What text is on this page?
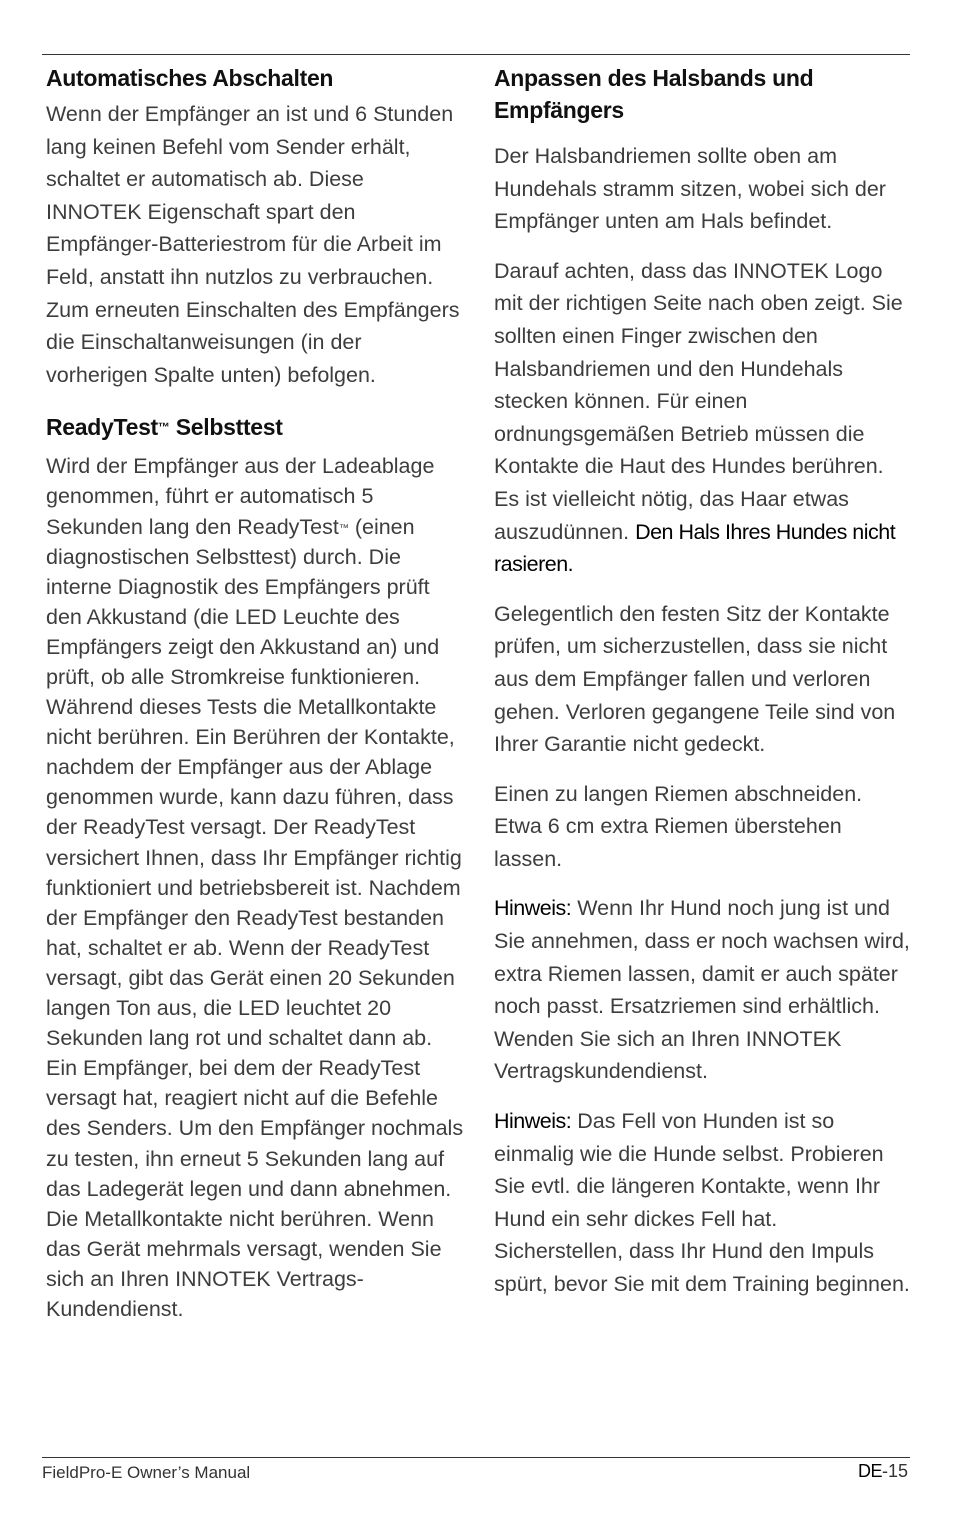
Automatisches Abschalten

Wenn der Empfänger an ist und 6 Stunden lang keinen Befehl vom Sender erhält, schaltet er automatisch ab. Diese INNOTEK Eigenschaft spart den Empfänger-Batteriestrom für die Arbeit im Feld, anstatt ihn nutzlos zu verbrauchen. Zum erneuten Einschalten des Empfängers die Einschaltanweisungen (in der vorherigen Spalte unten) befolgen.

ReadyTest™ Selbsttest

Wird der Empfänger aus der Ladeablage genommen, führt er automatisch 5 Sekunden lang den ReadyTest™ (einen diagnostischen Selbsttest) durch. Die interne Diagnostik des Empfängers prüft den Akkustand (die LED Leuchte des Empfängers zeigt den Akkustand an) und prüft, ob alle Stromkreise funktionieren. Während dieses Tests die Metallkontakte nicht berühren. Ein Berühren der Kontakte, nachdem der Empfänger aus der Ablage genommen wurde, kann dazu führen, dass der ReadyTest versagt. Der ReadyTest versichert Ihnen, dass Ihr Empfänger richtig funktioniert und betriebsbereit ist. Nachdem der Empfänger den ReadyTest bestanden hat, schaltet er ab. Wenn der ReadyTest versagt, gibt das Gerät einen 20 Sekunden langen Ton aus, die LED leuchtet 20 Sekunden lang rot und schaltet dann ab. Ein Empfänger, bei dem der ReadyTest versagt hat, reagiert nicht auf die Befehle des Senders. Um den Empfänger nochmals zu testen, ihn erneut 5 Sekunden lang auf das Ladegerät legen und dann abnehmen. Die Metallkontakte nicht berühren. Wenn das Gerät mehrmals versagt, wenden Sie sich an Ihren INNOTEK Vertrags-Kundendienst.

Anpassen des Halsbands und Empfängers

Der Halsbandriemen sollte oben am Hundehals stramm sitzen, wobei sich der Empfänger unten am Hals befindet.

Darauf achten, dass das INNOTEK Logo mit der richtigen Seite nach oben zeigt. Sie sollten einen Finger zwischen den Halsbandriemen und den Hundehals stecken können. Für einen ordnungsgemäßen Betrieb müssen die Kontakte die Haut des Hundes berühren. Es ist vielleicht nötig, das Haar etwas auszudünnen. Den Hals Ihres Hundes nicht rasieren.

Gelegentlich den festen Sitz der Kontakte prüfen, um sicherzustellen, dass sie nicht aus dem Empfänger fallen und verloren gehen. Verloren gegangene Teile sind von Ihrer Garantie nicht gedeckt.

Einen zu langen Riemen abschneiden. Etwa 6 cm extra Riemen überstehen lassen.

Hinweis: Wenn Ihr Hund noch jung ist und Sie annehmen, dass er noch wachsen wird, extra Riemen lassen, damit er auch später noch passt. Ersatzriemen sind erhältlich. Wenden Sie sich an Ihren INNOTEK Vertragskundendienst.

Hinweis: Das Fell von Hunden ist so einmalig wie die Hunde selbst. Probieren Sie evtl. die längeren Kontakte, wenn Ihr Hund ein sehr dickes Fell hat. Sicherstellen, dass Ihr Hund den Impuls spürt, bevor Sie mit dem Training beginnen.

FieldPro-E Owner’s Manual	DE-15
